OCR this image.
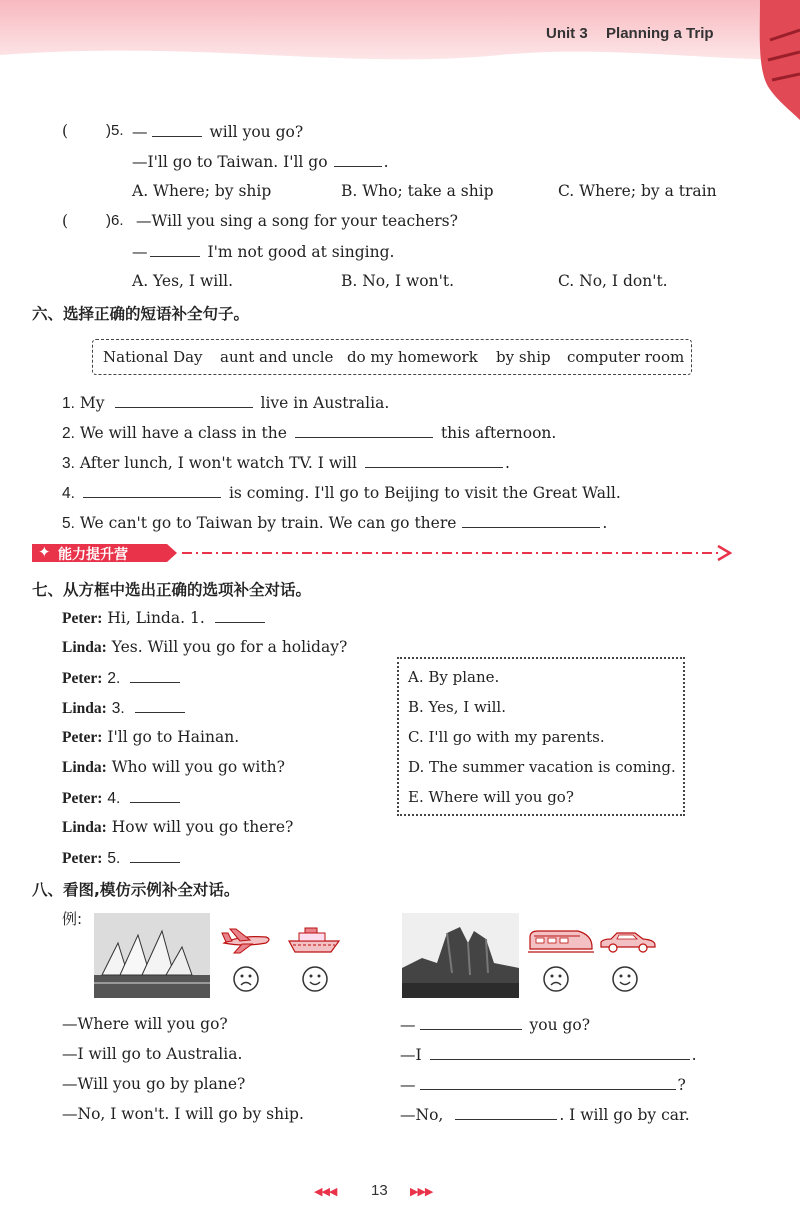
Unit 3 Planning a Trip
(	)5. —	will you go?
—I'll go to Taiwan. I'll go	.
A. Where; by ship	B. Who; take a ship	C. Where; by a train
(	)6. —Will you sing a song for your teachers?
—	I'm not good at singing.
A. Yes, I will.	B. No, I won't.	C. No, I don't.
六、选择正确的短语补全句子。
National Day aunt and uncle do my homework by ship computer room
1. My	live in Australia.
2. We will have a class in the	this afternoon.
3. After lunch, I won't watch TV. I will	.
4.	is coming. I'll go to Beijing to visit the Great Wall.
5. We can't go to Taiwan by train. We can go there	.
能力提升营
✦
七、从方框中选出正确的选项补全对话。
Peter: Hi, Linda. 1.
Linda: Yes. Will you go for a holiday?
Peter: 2.
Linda: 3.
Peter: I'll go to Hainan.
Linda: Who will you go with?
Peter: 4.
Linda: How will you go there?
Peter: 5.
A. By plane.
B. Yes, I will.
C. I'll go with my parents.
D. The summer vacation is coming.
E. Where will you go?
八、看图,模仿示例补全对话。
例:
—Where will you go?
—I will go to Australia.
—Will you go by plane?
—No, I won't. I will go by ship.
—	you go?
—I	.
—	?
—No,	. I will go by car.
◀◀◀ 13 ▶▶▶
